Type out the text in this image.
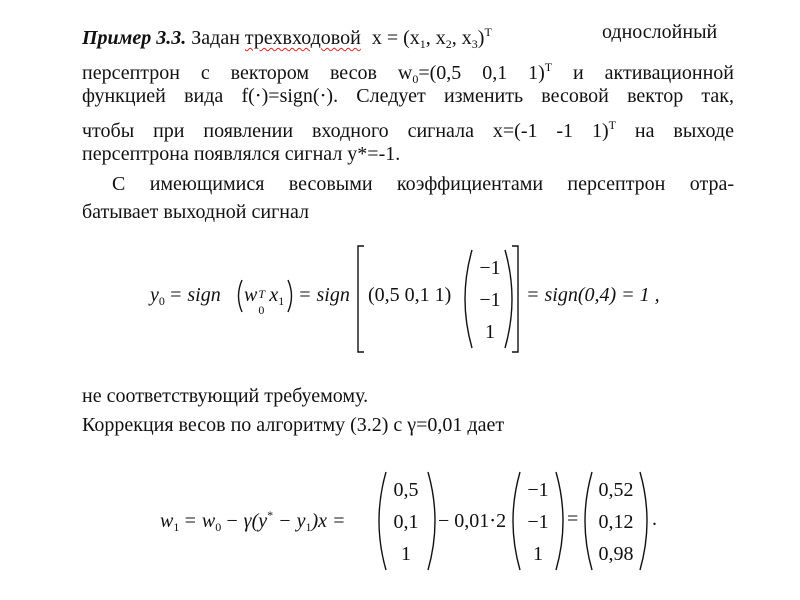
Пример 3.3. Задан трехвходовой $x = (x_1$, $x_2$, $x_3)^T$	однослойный
персептрон с вектором весов $w_0=(0,5$ 0,1 1)$^T$ и активационной
функцией вида f(⋅)=sign(⋅). Следует изменить весовой вектор так,
чтобы при появлении входного сигнала x=(-1 -1 1)$^T$ на выходе
персептрона появлялся сигнал y*=-1.
С имеющимися весовыми коэффициентами персептрон отра-
батывает выходной сигнал
$y_0$ = sign w T
0
$x_1$ = sign (0,5 0,1 1)
−1
−1
1
= sign(0,4) = 1 ,
не соответствующий требуемому.
Коррекция весов по алгоритму (3.2) с γ=0,01 дает
$w_1 = w_0 - \gamma(y^* - y_1)x$ =
0,5
0,1
1
− 0,01⋅2
−1
−1
1
=
0,52
0,12
0,98
.
